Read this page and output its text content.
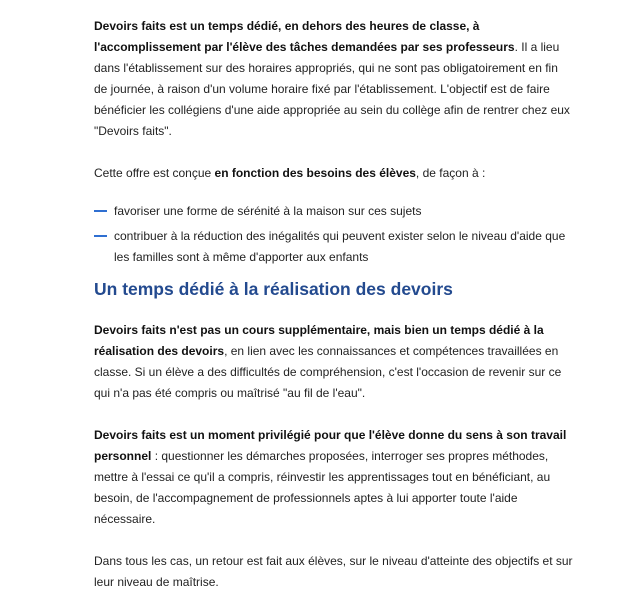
Devoirs faits est un temps dédié, en dehors des heures de classe, à l'accomplissement par l'élève des tâches demandées par ses professeurs. Il a lieu dans l'établissement sur des horaires appropriés, qui ne sont pas obligatoirement en fin de journée, à raison d'un volume horaire fixé par l'établissement. L'objectif est de faire bénéficier les collégiens d'une aide appropriée au sein du collège afin de rentrer chez eux "Devoirs faits".

Cette offre est conçue en fonction des besoins des élèves, de façon à :

favoriser une forme de sérénité à la maison sur ces sujets
contribuer à la réduction des inégalités qui peuvent exister selon le niveau d'aide que les familles sont à même d'apporter aux enfants
Un temps dédié à la réalisation des devoirs

Devoirs faits n'est pas un cours supplémentaire, mais bien un temps dédié à la réalisation des devoirs, en lien avec les connaissances et compétences travaillées en classe. Si un élève a des difficultés de compréhension, c'est l'occasion de revenir sur ce qui n'a pas été compris ou maîtrisé "au fil de l'eau".

Devoirs faits est un moment privilégié pour que l'élève donne du sens à son travail personnel : questionner les démarches proposées, interroger ses propres méthodes, mettre à l'essai ce qu'il a compris, réinvestir les apprentissages tout en bénéficiant, au besoin, de l'accompagnement de professionnels aptes à lui apporter toute l'aide nécessaire.

Dans tous les cas, un retour est fait aux élèves, sur le niveau d'atteinte des objectifs et sur leur niveau de maîtrise.
